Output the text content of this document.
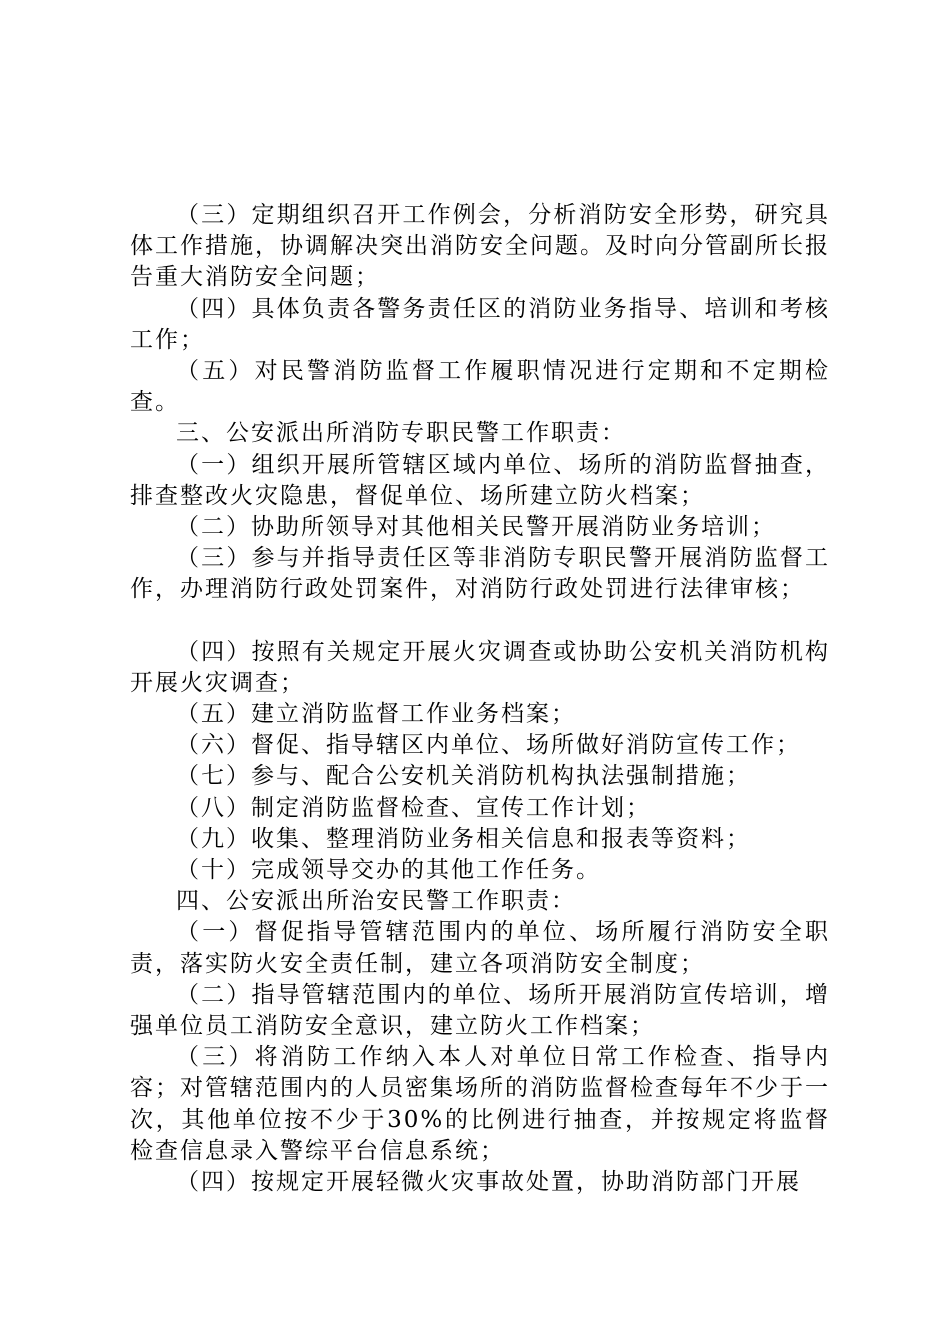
（三）定期组织召开工作例会，分析消防安全形势，研究具体工作措施，协调解决突出消防安全问题。及时向分管副所长报告重大消防安全问题；

（四）具体负责各警务责任区的消防业务指导、培训和考核工作；

（五）对民警消防监督工作履职情况进行定期和不定期检查。

三、公安派出所消防专职民警工作职责：

（一）组织开展所管辖区域内单位、场所的消防监督抽查，排查整改火灾隐患，督促单位、场所建立防火档案；

（二）协助所领导对其他相关民警开展消防业务培训；

（三）参与并指导责任区等非消防专职民警开展消防监督工作，办理消防行政处罚案件，对消防行政处罚进行法律审核；

（四）按照有关规定开展火灾调查或协助公安机关消防机构开展火灾调查；

（五）建立消防监督工作业务档案；

（六）督促、指导辖区内单位、场所做好消防宣传工作；

（七）参与、配合公安机关消防机构执法强制措施；

（八）制定消防监督检查、宣传工作计划；

（九）收集、整理消防业务相关信息和报表等资料；

（十）完成领导交办的其他工作任务。

四、公安派出所治安民警工作职责：

（一）督促指导管辖范围内的单位、场所履行消防安全职责，落实防火安全责任制，建立各项消防安全制度；

（二）指导管辖范围内的单位、场所开展消防宣传培训，增强单位员工消防安全意识，建立防火工作档案；

（三）将消防工作纳入本人对单位日常工作检查、指导内容；对管辖范围内的人员密集场所的消防监督检查每年不少于一次，其他单位按不少于30%的比例进行抽查，并按规定将监督检查信息录入警综平台信息系统；

（四）按规定开展轻微火灾事故处置，协助消防部门开展
